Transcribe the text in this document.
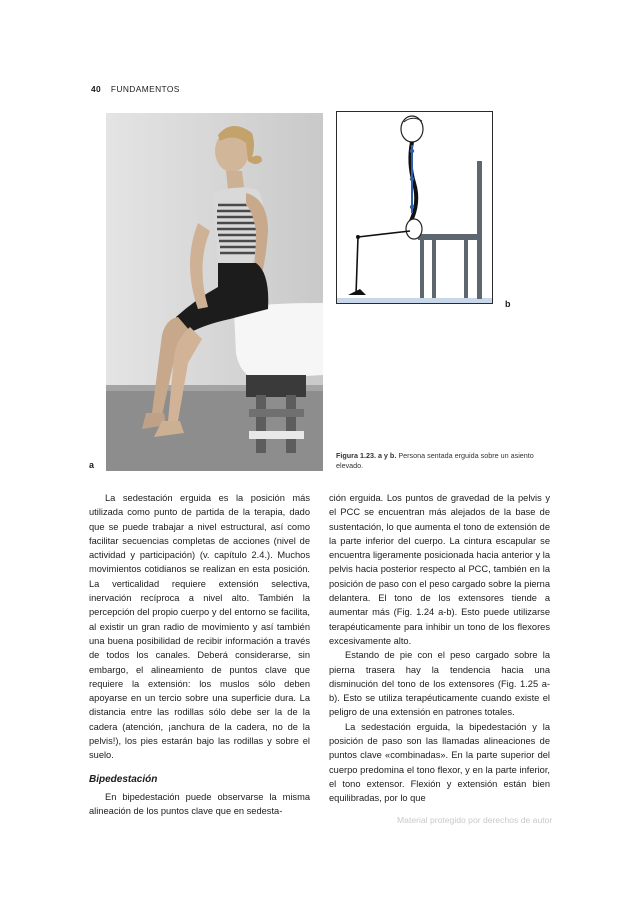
40 FUNDAMENTOS
a
b
Figura 1.23. a y b. Persona sentada erguida sobre un asiento elevado.

La sedestación erguida es la posición más utilizada como punto de partida de la terapia, dado que se puede trabajar a nivel estructural, así como facilitar secuencias completas de acciones (nivel de actividad y participación) (v. capítulo 2.4.). Muchos movimientos cotidianos se realizan en esta posición. La verticalidad requiere extensión selectiva, inervación recíproca a nivel alto. También la percepción del propio cuerpo y del entorno se facilita, al existir un gran radio de movimiento y así también una buena posibilidad de recibir información a través de todos los canales. Deberá considerarse, sin embargo, el alineamiento de puntos clave que requiere la extensión: los muslos sólo deben apoyarse en un tercio sobre una superficie dura. La distancia entre las rodillas sólo debe ser la de la cadera (atención, ¡anchura de la cadera, no de la pelvis!), los pies estarán bajo las rodillas y sobre el suelo.

Bipedestación

En bipedestación puede observarse la misma alineación de los puntos clave que en sedesta-

ción erguida. Los puntos de gravedad de la pelvis y el PCC se encuentran más alejados de la base de sustentación, lo que aumenta el tono de extensión de la parte inferior del cuerpo. La cintura escapular se encuentra ligeramente posicionada hacia anterior y la pelvis hacia posterior respecto al PCC, también en la posición de paso con el peso cargado sobre la pierna delantera. El tono de los extensores tiende a aumentar más (Fig. 1.24 a-b). Esto puede utilizarse terapéuticamente para inhibir un tono de los flexores excesivamente alto.

Estando de pie con el peso cargado sobre la pierna trasera hay la tendencia hacia una disminución del tono de los extensores (Fig. 1.25 a-b). Esto se utiliza terapéuticamente cuando existe el peligro de una extensión en patrones totales.

La sedestación erguida, la bipedestación y la posición de paso son las llamadas alineaciones de puntos clave «combinadas». En la parte superior del cuerpo predomina el tono flexor, y en la parte inferior, el tono extensor. Flexión y extensión están bien equilibradas, por lo que

Material protegido por derechos de autor
